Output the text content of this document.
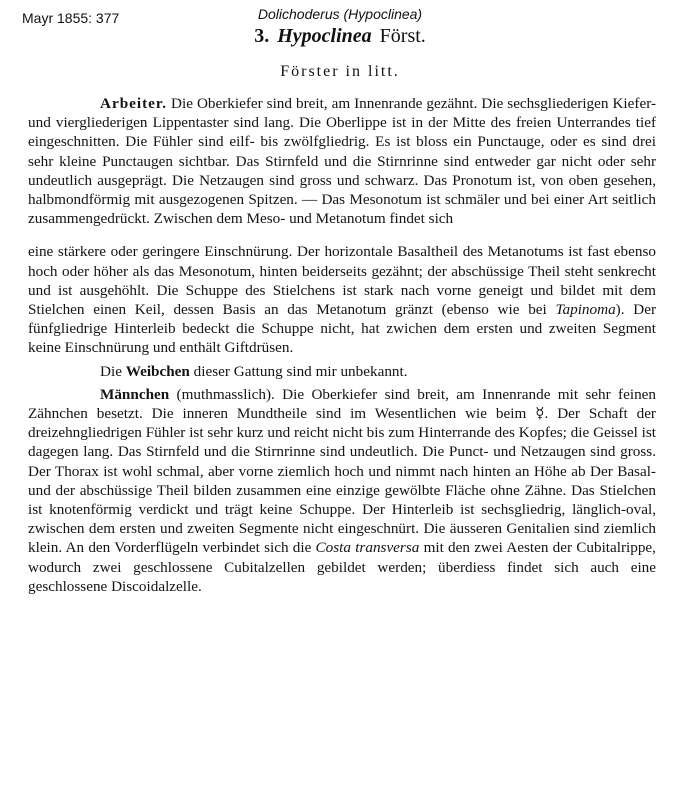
Mayr 1855: 377	Dolichoderus (Hypoclinea)
3. Hypoclinea Först.
Förster in litt.

Arbeiter. Die Oberkiefer sind breit, am Innenrande gezähnt. Die sechsgliederigen Kiefer- und viergliederigen Lippentaster sind lang. Die Oberlippe ist in der Mitte des freien Unterrandes tief eingeschnitten. Die Fühler sind eilf- bis zwölfgliedrig. Es ist bloss ein Punctauge, oder es sind drei sehr kleine Punctaugen sichtbar. Das Stirnfeld und die Stirnrinne sind entweder gar nicht oder sehr undeutlich ausgeprägt. Die Netzaugen sind gross und schwarz. Das Pronotum ist, von oben gesehen, halbmondförmig mit ausgezogenen Spitzen. — Das Mesonotum ist schmäler und bei einer Art seitlich zusammengedrückt. Zwischen dem Meso- und Metanotum findet sich

eine stärkere oder geringere Einschnürung. Der horizontale Basaltheil des Metanotums ist fast ebenso hoch oder höher als das Mesonotum, hinten beiderseits gezähnt; der abschüssige Theil steht senkrecht und ist ausgehöhlt. Die Schuppe des Stielchens ist stark nach vorne geneigt und bildet mit dem Stielchen einen Keil, dessen Basis an das Metanotum gränzt (ebenso wie bei Tapinoma). Der fünfgliedrige Hinterleib bedeckt die Schuppe nicht, hat zwichen dem ersten und zweiten Segment keine Einschnürung und enthält Giftdrüsen.

Die Weibchen dieser Gattung sind mir unbekannt.

Männchen (muthmasslich). Die Oberkiefer sind breit, am Innenrande mit sehr feinen Zähnchen besetzt. Die inneren Mundtheile sind im Wesentlichen wie beim ☿. Der Schaft der dreizehngliedrigen Fühler ist sehr kurz und reicht nicht bis zum Hinterrande des Kopfes; die Geissel ist dagegen lang. Das Stirnfeld und die Stirnrinne sind undeutlich. Die Punct- und Netzaugen sind gross. Der Thorax ist wohl schmal, aber vorne ziemlich hoch und nimmt nach hinten an Höhe ab Der Basal- und der abschüssige Theil bilden zusammen eine einzige gewölbte Fläche ohne Zähne. Das Stielchen ist knotenförmig verdickt und trägt keine Schuppe. Der Hinterleib ist sechsgliedrig, länglich-oval, zwischen dem ersten und zweiten Segmente nicht eingeschnürt. Die äusseren Genitalien sind ziemlich klein. An den Vorderflügeln verbindet sich die Costa transversa mit den zwei Aesten der Cubitalrippe, wodurch zwei geschlossene Cubitalzellen gebildet werden; überdiess findet sich auch eine geschlossene Discoidalzelle.
